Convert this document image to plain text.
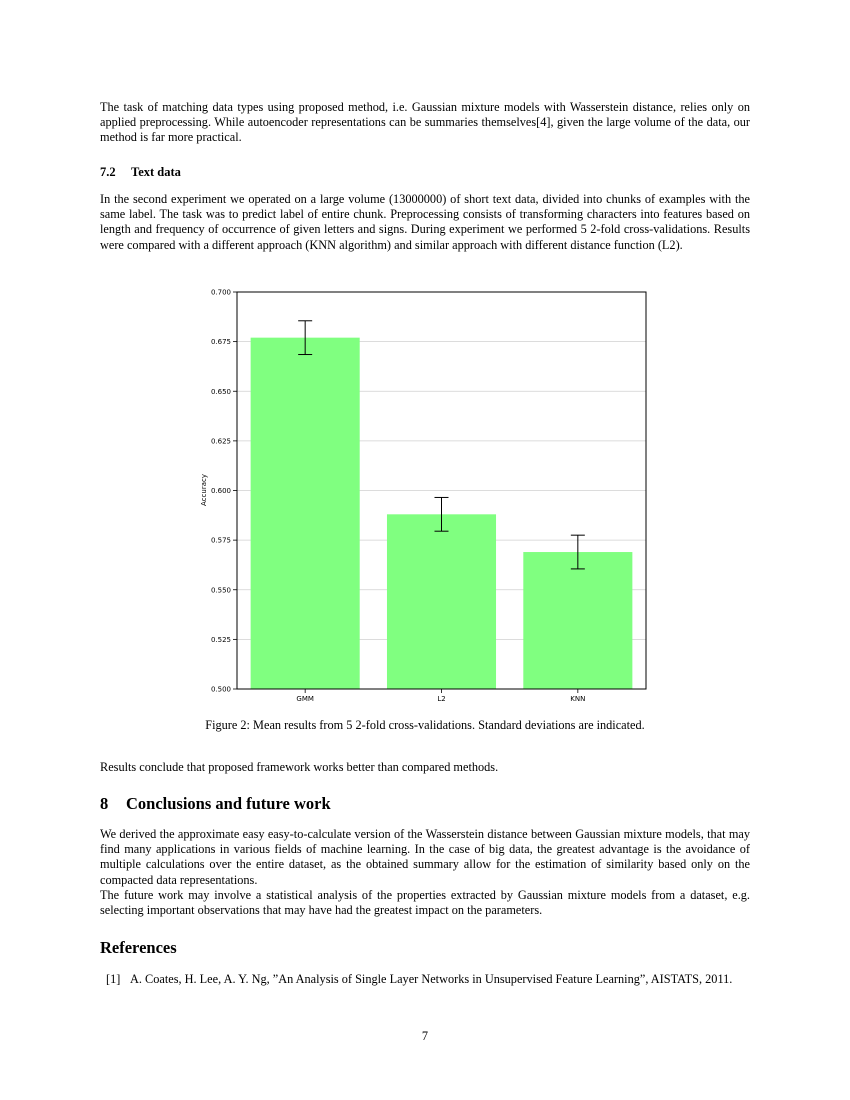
The task of matching data types using proposed method, i.e. Gaussian mixture models with Wasserstein distance, relies only on applied preprocessing. While autoencoder representations can be summaries themselves[4], given the large volume of the data, our method is far more practical.

7.2 Text data

In the second experiment we operated on a large volume (13000000) of short text data, divided into chunks of examples with the same label. The task was to predict label of entire chunk. Preprocessing consists of transforming characters into features based on length and frequency of occurrence of given letters and signs. During experiment we performed 5 2-fold cross-validations. Results were compared with a different approach (KNN algorithm) and similar approach with different distance function (L2).

0.500
0.525
0.550
0.575
0.600
0.625
0.650
0.675
0.700
GMM	L2	KNN
Accuracy
Figure 2: Mean results from 5 2-fold cross-validations. Standard deviations are indicated.

Results conclude that proposed framework works better than compared methods.

8 Conclusions and future work

We derived the approximate easy easy-to-calculate version of the Wasserstein distance between Gaussian mixture models, that may find many applications in various fields of machine learning. In the case of big data, the greatest advantage is the avoidance of multiple calculations over the entire dataset, as the obtained summary allow for the estimation of similarity based only on the compacted data representations.

The future work may involve a statistical analysis of the properties extracted by Gaussian mixture models from a dataset, e.g. selecting important observations that may have had the greatest impact on the parameters.

References
[1] A. Coates, H. Lee, A. Y. Ng, ”An Analysis of Single Layer Networks in Unsupervised Feature Learning”, AISTATS, 2011.
7
